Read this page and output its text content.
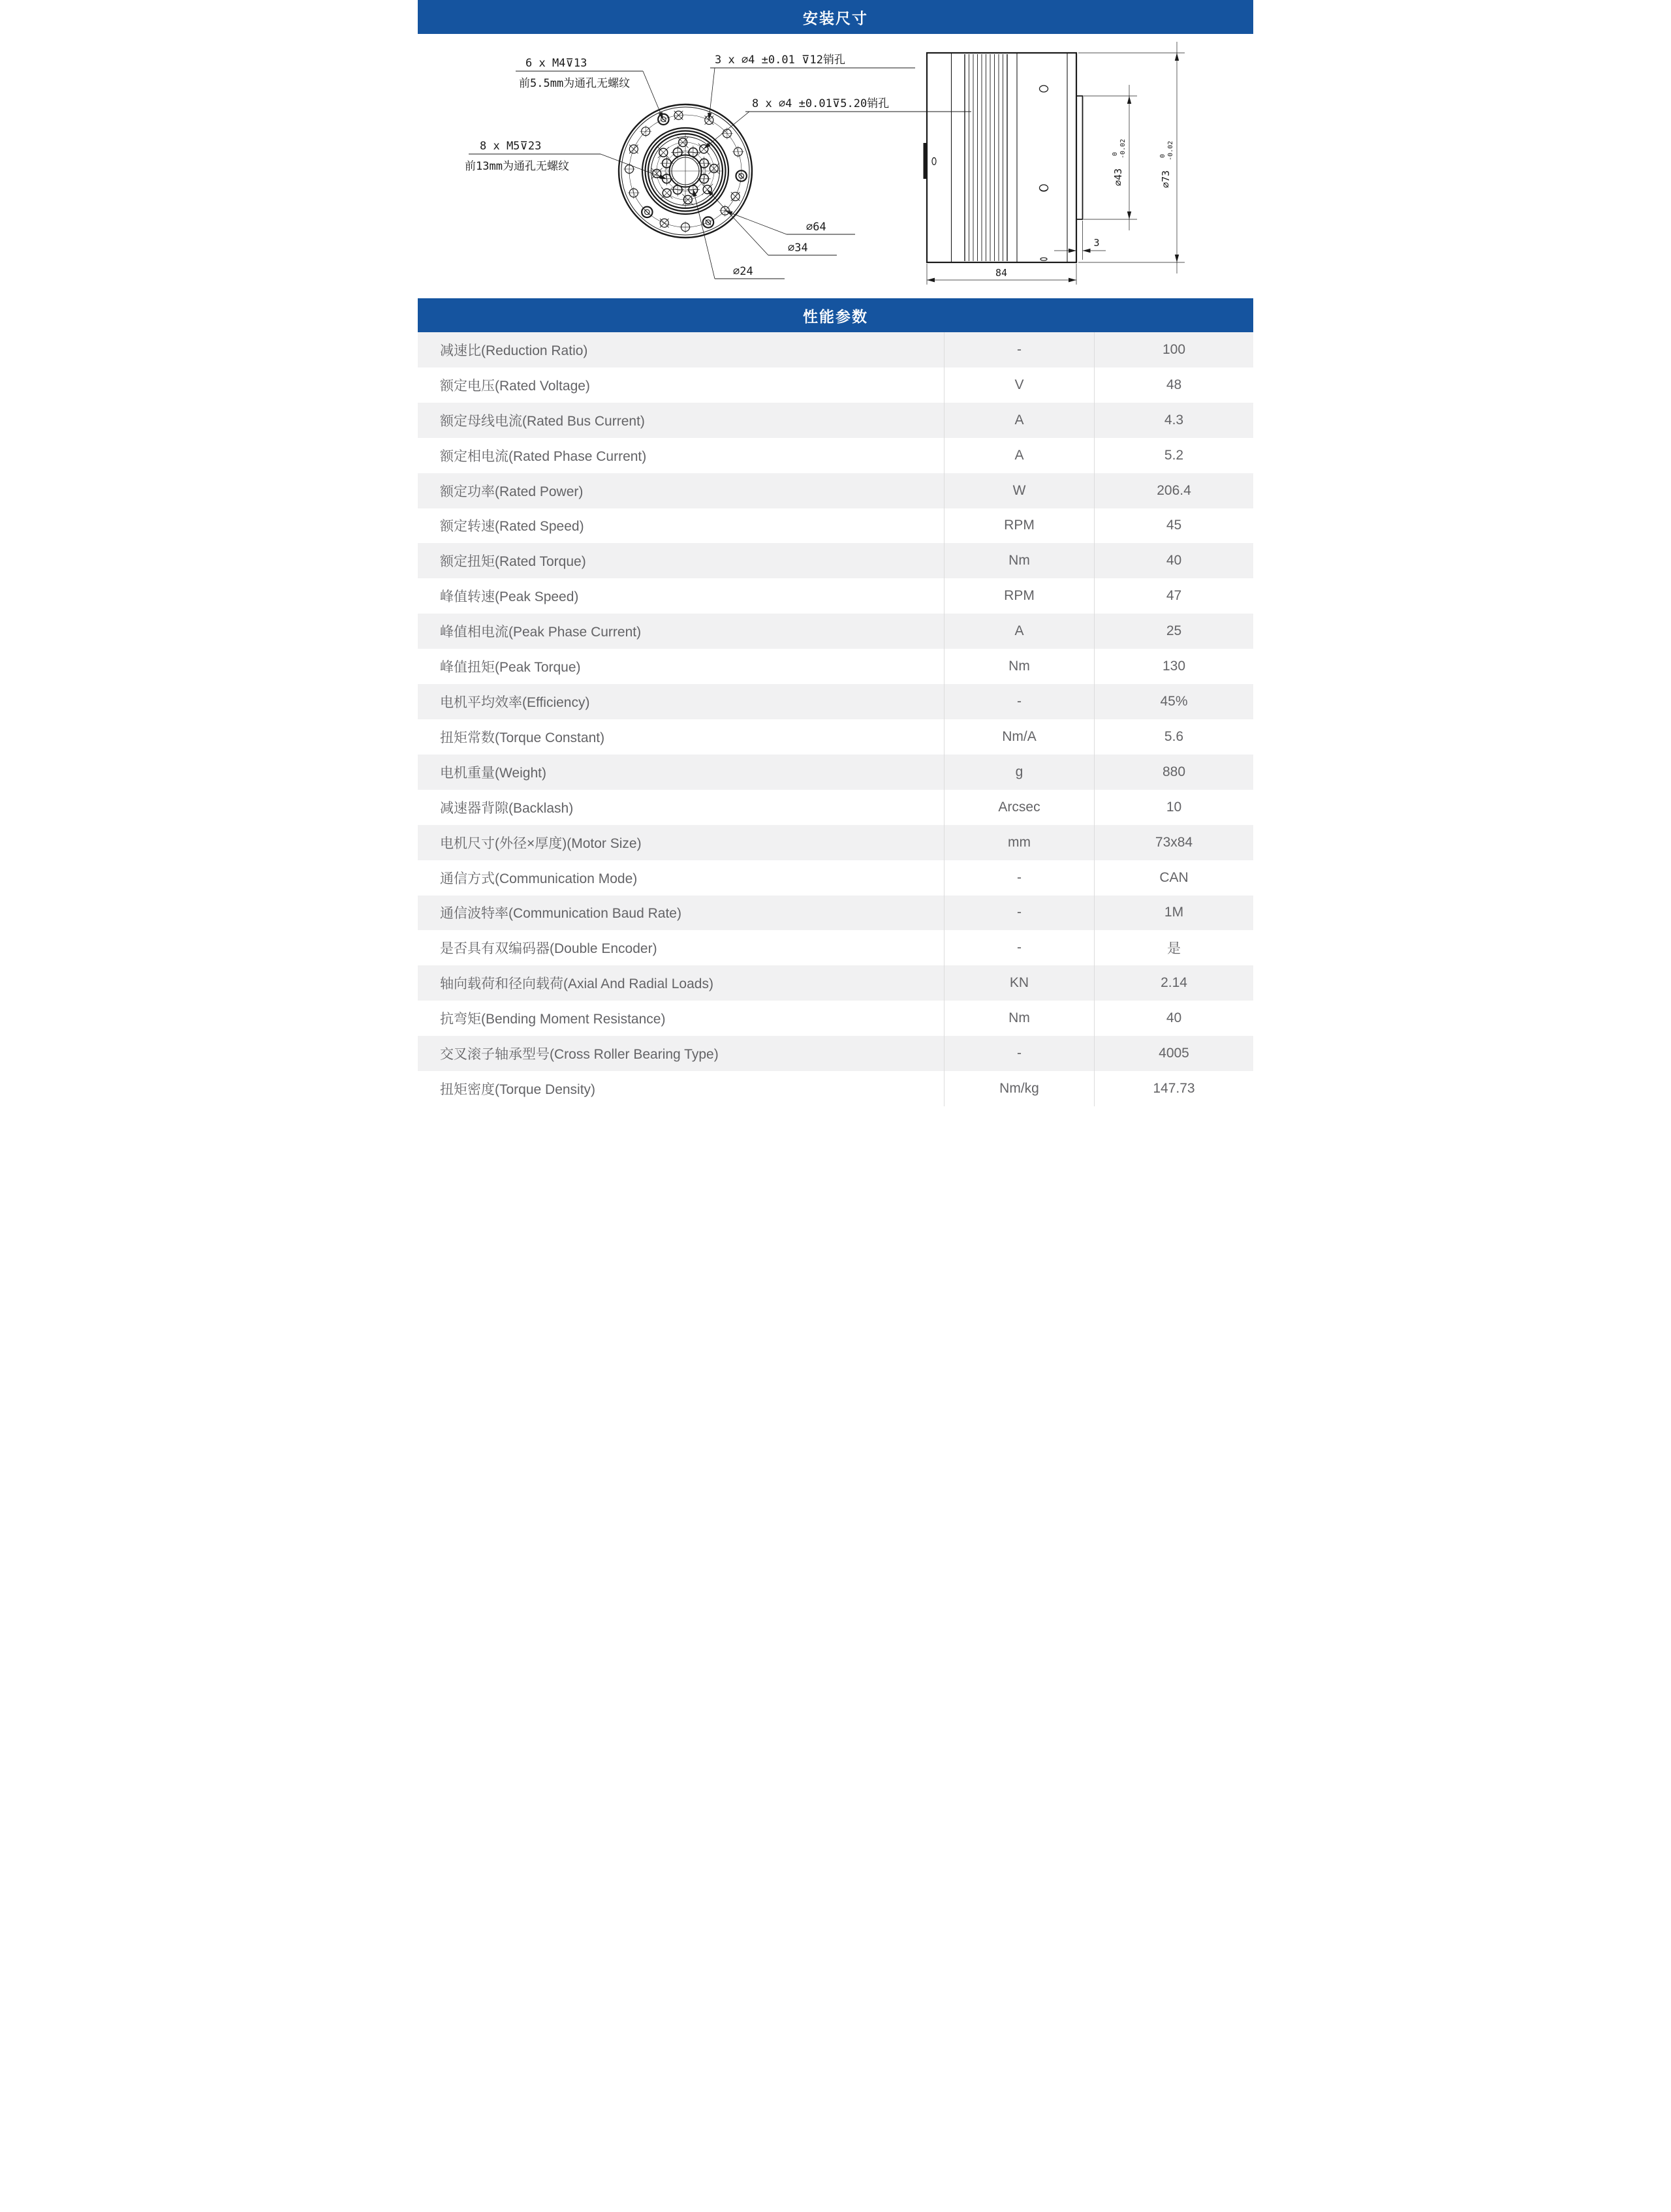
安装尺寸
6 x M4⊽13
前5.5mm为通孔无螺纹
3 x ∅4 ±0.01 ⊽12销孔
8 x ∅4 ±0.01⊽5.20销孔
8 x M5⊽23
前13mm为通孔无螺纹
∅64
∅34
∅24
∅43
0 -0.02
∅73
0 -0.02
84
3
性能参数
减速比(Reduction Ratio)	-	100
额定电压(Rated Voltage)	V	48
额定母线电流(Rated Bus Current)	A	4.3
额定相电流(Rated Phase Current)	A	5.2
额定功率(Rated Power)	W	206.4
额定转速(Rated Speed)	RPM	45
额定扭矩(Rated Torque)	Nm	40
峰值转速(Peak Speed)	RPM	47
峰值相电流(Peak Phase Current)	A	25
峰值扭矩(Peak Torque)	Nm	130
电机平均效率(Efficiency)	-	45%
扭矩常数(Torque Constant)	Nm/A	5.6
电机重量(Weight)	g	880
减速器背隙(Backlash)	Arcsec	10
电机尺寸(外径×厚度)(Motor Size)	mm	73x84
通信方式(Communication Mode)	-	CAN
通信波特率(Communication Baud Rate)	-	1M
是否具有双编码器(Double Encoder)	-	是
轴向载荷和径向载荷(Axial And Radial Loads)	KN	2.14
抗弯矩(Bending Moment Resistance)	Nm	40
交叉滚子轴承型号(Cross Roller Bearing Type)	-	4005
扭矩密度(Torque Density)	Nm/kg	147.73
